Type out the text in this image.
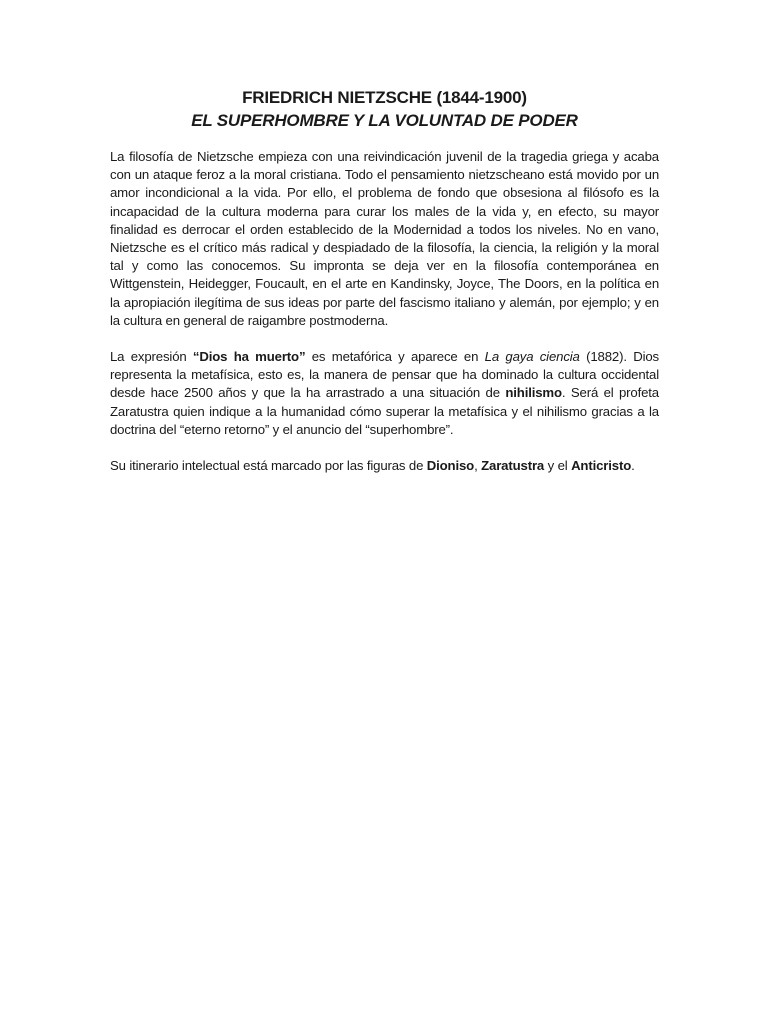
FRIEDRICH NIETZSCHE (1844-1900)
EL SUPERHOMBRE Y LA VOLUNTAD DE PODER

La filosofía de Nietzsche empieza con una reivindicación juvenil de la tragedia griega y acaba con un ataque feroz a la moral cristiana. Todo el pensamiento nietzscheano está movido por un amor incondicional a la vida. Por ello, el problema de fondo que obsesiona al filósofo es la incapacidad de la cultura moderna para curar los males de la vida y, en efecto, su mayor finalidad es derrocar el orden establecido de la Modernidad a todos los niveles. No en vano, Nietzsche es el crítico más radical y despiadado de la filosofía, la ciencia, la religión y la moral tal y como las conocemos. Su impronta se deja ver en la filosofía contemporánea en Wittgenstein, Heidegger, Foucault, en el arte en Kandinsky, Joyce, The Doors, en la política en la apropiación ilegítima de sus ideas por parte del fascismo italiano y alemán, por ejemplo; y en la cultura en general de raigambre postmoderna.

La expresión “Dios ha muerto” es metafórica y aparece en La gaya ciencia (1882). Dios representa la metafísica, esto es, la manera de pensar que ha dominado la cultura occidental desde hace 2500 años y que la ha arrastrado a una situación de nihilismo. Será el profeta Zaratustra quien indique a la humanidad cómo superar la metafísica y el nihilismo gracias a la doctrina del “eterno retorno” y el anuncio del “superhombre”.

Su itinerario intelectual está marcado por las figuras de Dioniso, Zaratustra y el Anticristo.
